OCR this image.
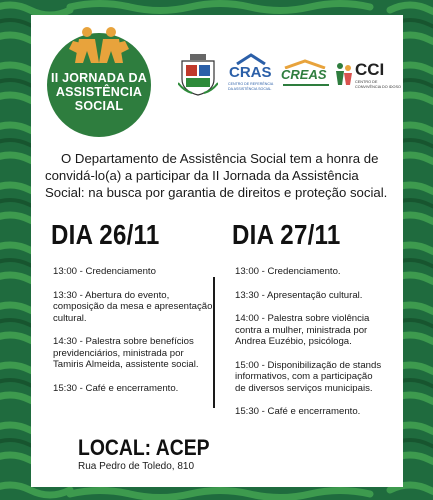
II JORNADA DA
ASSISTÊNCIA
SOCIAL
CRAS
CENTRO DE REFERÊNCIA
DA ASSISTÊNCIA SOCIAL
CREAS CCI
CENTRO DE
CONVIVÊNCIA DO IDOSO
O Departamento de Assistência Social tem a honra de convidá-lo(a) a participar da II Jornada da Assistência Social: na busca por garantia de direitos e proteção social.
DIA 26/11	DIA 27/11
13:00 - Credenciamento
13:30 - Abertura do evento, composição da mesa e apresentação cultural.
14:30 - Palestra sobre benefícios previdenciários, ministrada por Tamiris Almeida, assistente social.
15:30 - Café e encerramento.
13:00 - Credenciamento.
13:30 - Apresentação cultural.
14:00 - Palestra sobre violência contra a mulher, ministrada por Andrea Euzébio, psicóloga.
15:00 - Disponibilização de stands informativos, com a participação de diversos serviços municipais.
15:30 - Café e encerramento.
LOCAL: ACEP
Rua Pedro de Toledo, 810
